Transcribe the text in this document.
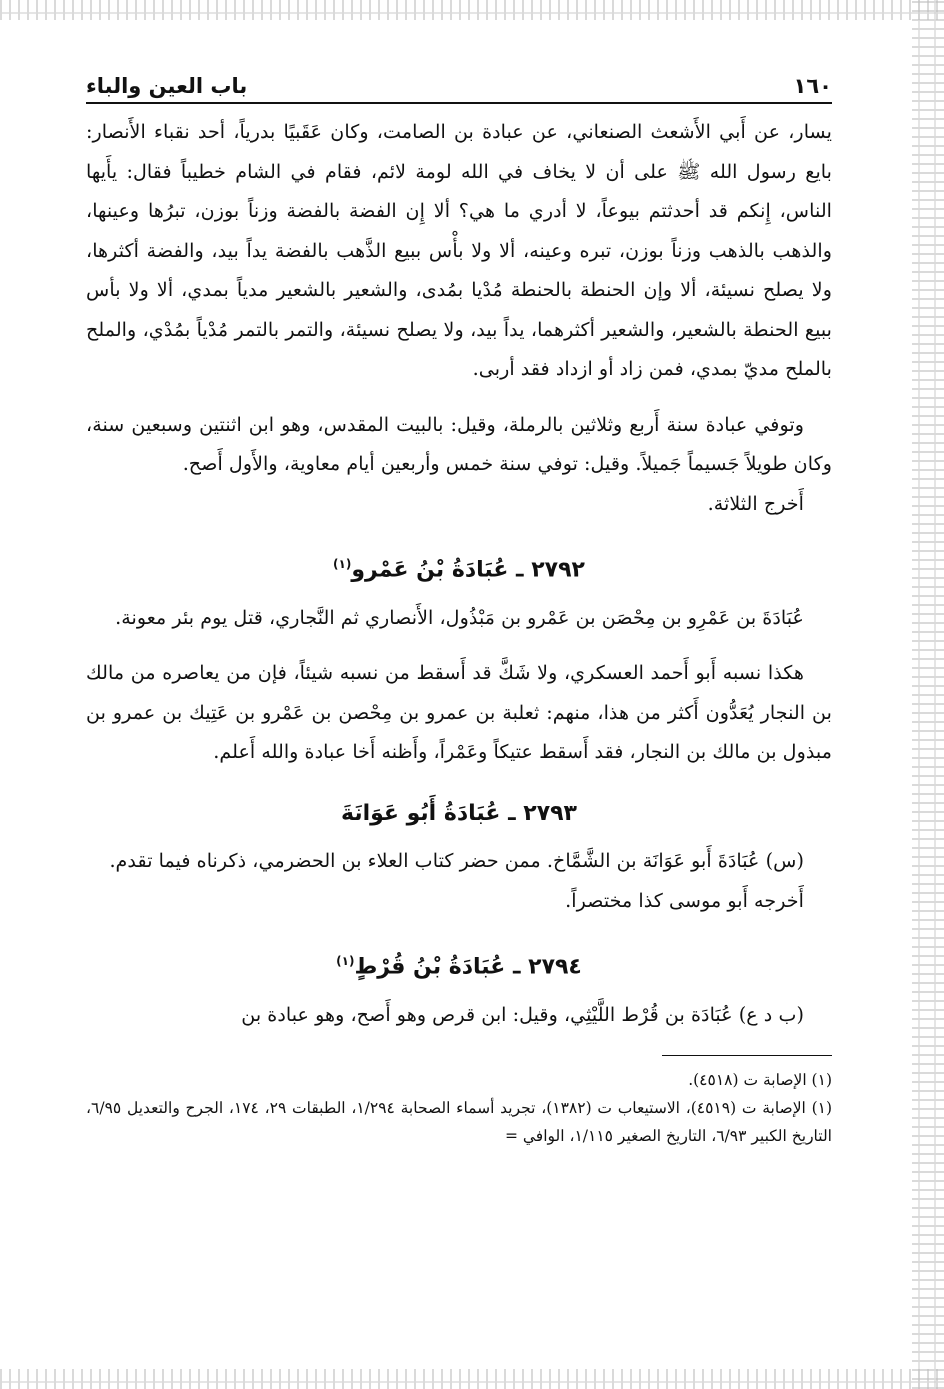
١٦٠
باب العين والباء

يسار، عن أَبي الأَشعث الصنعاني، عن عبادة بن الصامت، وكان عَقَبيًا بدرياً، أحد نقباء الأَنصار: بايع رسول الله ﷺ على أن لا يخاف في الله لومة لائم، فقام في الشام خطيباً فقال: يأَيها الناس، إِنكم قد أحدثتم بيوعاً، لا أدري ما هي؟ ألا إِن الفضة بالفضة وزناً بوزن، تبرُها وعينها، والذهب بالذهب وزناً بوزن، تبره وعينه، ألا ولا بأْس ببيع الذَّهب بالفضة يداً بيد، والفضة أكثرها، ولا يصلح نسيئة، ألا وإن الحنطة بالحنطة مُدْيا بمُدى، والشعير بالشعير مدياً بمدي، ألا ولا بأس ببيع الحنطة بالشعير، والشعير أكثرهما، يداً بيد، ولا يصلح نسيئة، والتمر بالتمر مُدْياً بمُدْي، والملح بالملح مديّ بمدي، فمن زاد أو ازداد فقد أربى.

وتوفي عبادة سنة أَربع وثلاثين بالرملة، وقيل: بالبيت المقدس، وهو ابن اثنتين وسبعين سنة، وكان طويلاً جَسيماً جَميلاً. وقيل: توفي سنة خمس وأربعين أيام معاوية، والأَول أَصح.

أَخرج الثلاثة.

٢٧٩٢ ـ عُبَادَةُ بْنُ عَمْرو$^{(١)}$

عُبَادَةَ بن عَمْرِو بن مِحْصَن بن عَمْرو بن مَبْذُول، الأَنصاري ثم النَّجاري، قتل يوم بئر معونة.

هكذا نسبه أَبو أَحمد العسكري، ولا شَكَّ قد أَسقط من نسبه شيئاً، فإن من يعاصره من مالك بن النجار يُعَدُّون أَكثر من هذا، منهم: ثعلبة بن عمرو بن مِحْصن بن عَمْرو بن عَتِيك بن عمرو بن مبذول بن مالك بن النجار، فقد أَسقط عتيكاً وعَمْراً، وأَظنه أَخا عبادة والله أَعلم.

٢٧٩٣ ـ عُبَادَةُ أَبُو عَوَانَةَ

(س) عُبَادَةَ أَبو عَوَانَة بن الشَّمَّاخ. ممن حضر كتاب العلاء بن الحضرمي، ذكرناه فيما تقدم.

أَخرجه أَبو موسى كذا مختصراً.

٢٧٩٤ ـ عُبَادَةُ بْنُ قُرْطٍ$^{(١)}$

(ب د ع) عُبَادَة بن قُرْط اللَّيْثِي، وقيل: ابن قرص وهو أَصح، وهو عبادة بن

(١) الإصابة ت (٤٥١٨).

(١) الإصابة ت (٤٥١٩)، الاستيعاب ت (١٣٨٢)، تجريد أسماء الصحابة ١/٢٩٤، الطبقات ٢٩، ١٧٤، الجرح والتعديل ٦/٩٥، التاريخ الكبير ٦/٩٣، التاريخ الصغير ١/١١٥، الوافي =
